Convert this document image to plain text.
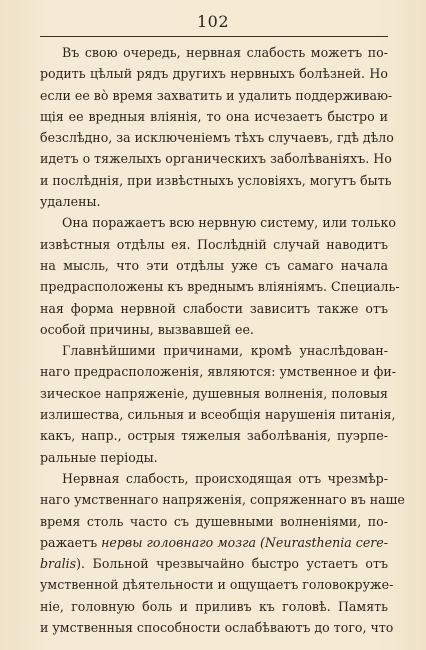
102
Въ свою очередь, нервная слабость можетъ по-
родить цѣлый рядъ другихъ нервныхъ болѣзней. Но
если ее во̀ время захватить и удалить поддерживаю-
щія ее вредныя вліянія, то она исчезаетъ быстро и
безслѣдно, за исключеніемъ тѣхъ случаевъ, гдѣ дѣло
идетъ о тяжелыхъ органическихъ заболѣваніяхъ. Но
и послѣднія, при извѣстныхъ условіяхъ, могутъ быть
удалены.
Она поражаетъ всю нервную систему, или только
извѣстныя отдѣлы ея. Послѣдній случай наводитъ
на мысль, что эти отдѣлы уже съ самаго начала
предрасположены къ вреднымъ вліяніямъ. Специаль-
ная форма нервной слабости зависитъ также отъ
особой причины, вызвавшей ее.
Главнѣйшими причинами, кромѣ унаслѣдован-
наго предрасположенія, являются: умственное и фи-
зическое напряженіе, душевныя волненія, половыя
излишества, сильныя и всеобщія нарушенія питанія,
какъ, напр., острыя тяжелыя заболѣванія, пуэрпе-
ральные періоды.
Нервная слабость, происходящая отъ чрезмѣр-
наго умственнаго напряженія, сопряженнаго въ наше
время столь часто съ душевными волненіями, по-
ражаетъ нервы головнаго мозга (Neurasthenia cere-
bralis). Больной чрезвычайно быстро устаетъ отъ
умственной дѣятельности и ощущаетъ головокруже-
ніе, головную боль и приливъ къ головѣ. Память
и умственныя способности ослабѣваютъ до того, что
